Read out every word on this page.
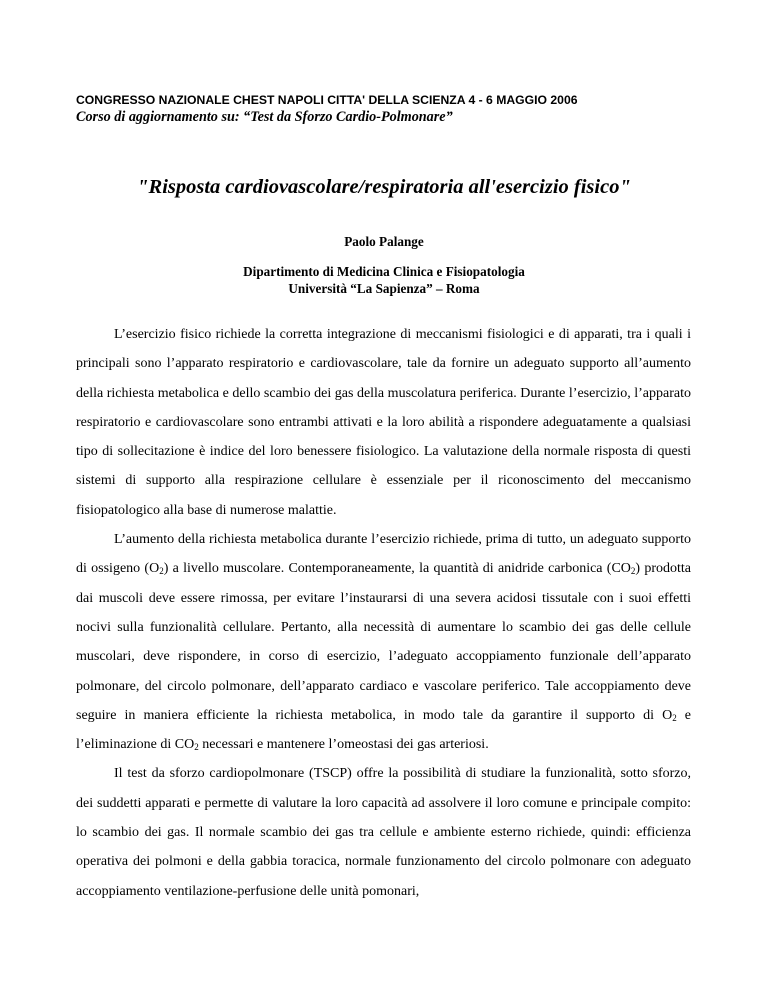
CONGRESSO NAZIONALE CHEST NAPOLI CITTA' DELLA SCIENZA 4 - 6 MAGGIO 2006
Corso di aggiornamento su: “Test da Sforzo Cardio-Polmonare”
"Risposta cardiovascolare/respiratoria all'esercizio fisico"
Paolo Palange
Dipartimento di Medicina Clinica e Fisiopatologia
Università “La Sapienza” – Roma

L’esercizio fisico richiede la corretta integrazione di meccanismi fisiologici e di apparati, tra i quali i principali sono l’apparato respiratorio e cardiovascolare, tale da fornire un adeguato supporto all’aumento della richiesta metabolica e dello scambio dei gas della muscolatura periferica. Durante l’esercizio, l’apparato respiratorio e cardiovascolare sono entrambi attivati e la loro abilità a rispondere adeguatamente a qualsiasi tipo di sollecitazione è indice del loro benessere fisiologico. La valutazione della normale risposta di questi sistemi di supporto alla respirazione cellulare è essenziale per il riconoscimento del meccanismo fisiopatologico alla base di numerose malattie.

L’aumento della richiesta metabolica durante l’esercizio richiede, prima di tutto, un adeguato supporto di ossigeno $(O_2)$ a livello muscolare. Contemporaneamente, la quantità di anidride carbonica $(CO_2)$ prodotta dai muscoli deve essere rimossa, per evitare l’instaurarsi di una severa acidosi tissutale con i suoi effetti nocivi sulla funzionalità cellulare. Pertanto, alla necessità di aumentare lo scambio dei gas delle cellule muscolari, deve rispondere, in corso di esercizio, l’adeguato accoppiamento funzionale dell’apparato polmonare, del circolo polmonare, dell’apparato cardiaco e vascolare periferico. Tale accoppiamento deve seguire in maniera efficiente la richiesta metabolica, in modo tale da garantire il supporto di $O_2$ e l’eliminazione di $CO_2$ necessari e mantenere l’omeostasi dei gas arteriosi.

Il test da sforzo cardiopolmonare (TSCP) offre la possibilità di studiare la funzionalità, sotto sforzo, dei suddetti apparati e permette di valutare la loro capacità ad assolvere il loro comune e principale compito: lo scambio dei gas. Il normale scambio dei gas tra cellule e ambiente esterno richiede, quindi: efficienza operativa dei polmoni e della gabbia toracica, normale funzionamento del circolo polmonare con adeguato accoppiamento ventilazione-perfusione delle unità pomonari,
